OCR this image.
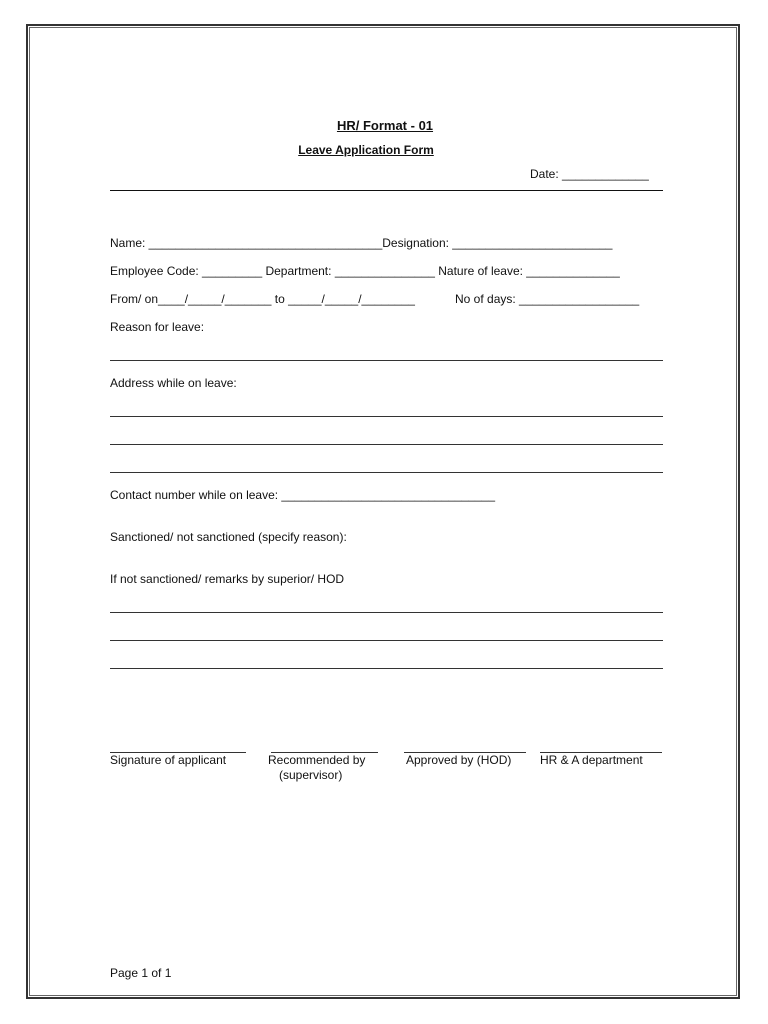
HR/ Format - 01
Leave Application Form
Date: _____________
Name: ___________________________________Designation: ________________________
Employee Code: _________ Department: _______________ Nature of leave: ______________
From/ on____/_____/_______ to _____/_____/________	No of days: __________________
Reason for leave:
Address while on leave:
Contact number while on leave: ________________________________
Sanctioned/ not sanctioned (specify reason):
If not sanctioned/ remarks by superior/ HOD
Signature of applicant	Recommended by
(supervisor)
Approved by (HOD) HR & A department
Page 1 of 1
